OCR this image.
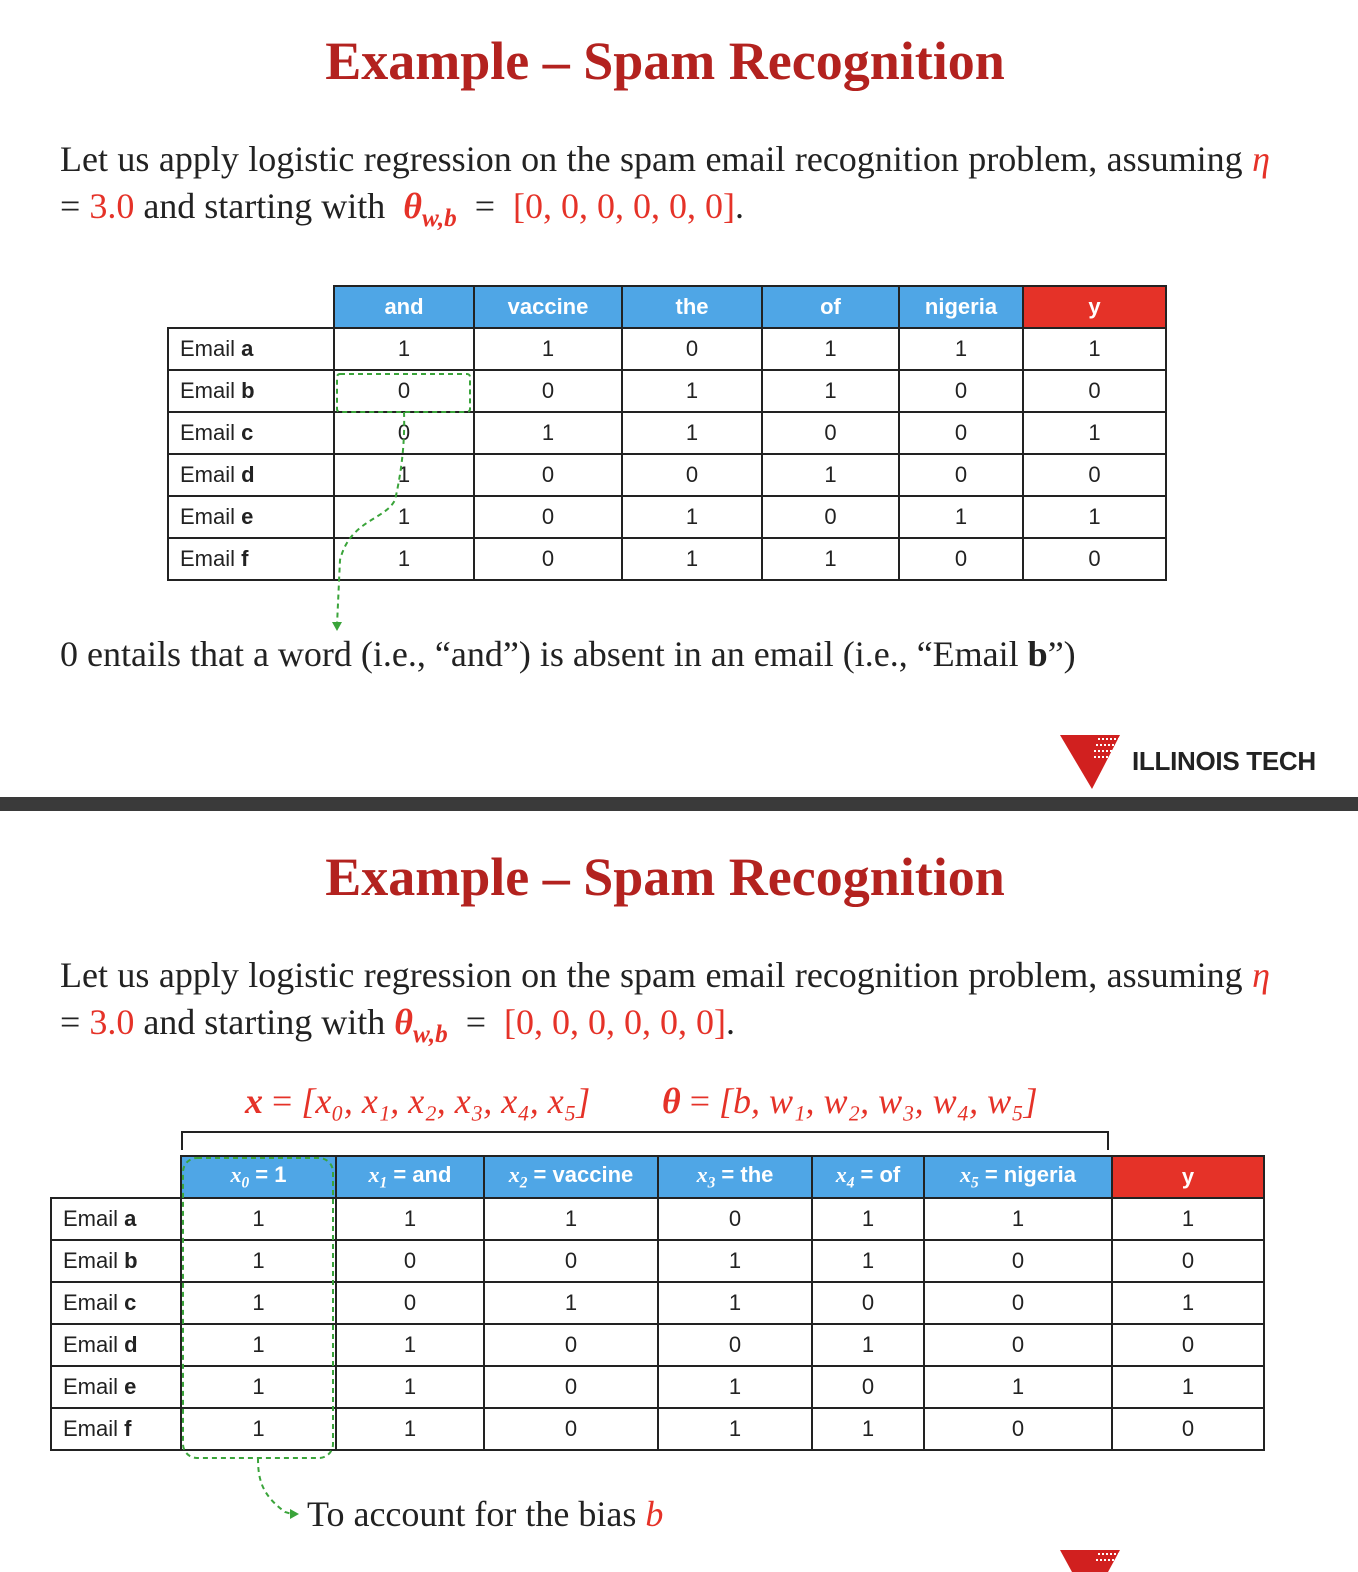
Example – Spam Recognition
Let us apply logistic regression on the spam email recognition problem, assuming η = 3.0 and starting with $\theta_{w,b} = [0$, 0, 0, 0, 0, 0].
	and	vaccine	the	of	nigeria	y
Email a	1	1	0	1	1	1
Email b	0	0	1	1	0	0
Email c	0	1	1	0	0	1
Email d	1	0	0	1	0	0
Email e	1	0	1	0	1	1
Email f	1	0	1	1	0	0
0 entails that a word (i.e., “and”) is absent in an email (i.e., “Email b”)
ILLINOIS TECH
Example – Spam Recognition
Let us apply logistic regression on the spam email recognition problem, assuming η = 3.0 and starting with $\theta_{w,b} = [0$, 0, 0, 0, 0, 0].
x = [x₀, x₁, x₂, x₃, x₄, x₅] θ = [b, w₁, w₂, w₃, w₄, w₅]
	$x_0 = 1$	$x_1$ = and	$x_2$ = vaccine	$x_3$ = the	$x_4$ = of	$x_5$ = nigeria	y
Email a	1	1	1	0	1	1	1
Email b	1	0	0	1	1	0	0
Email c	1	0	1	1	0	0	1
Email d	1	1	0	0	1	0	0
Email e	1	1	0	1	0	1	1
Email f	1	1	0	1	1	0	0
To account for the bias b
